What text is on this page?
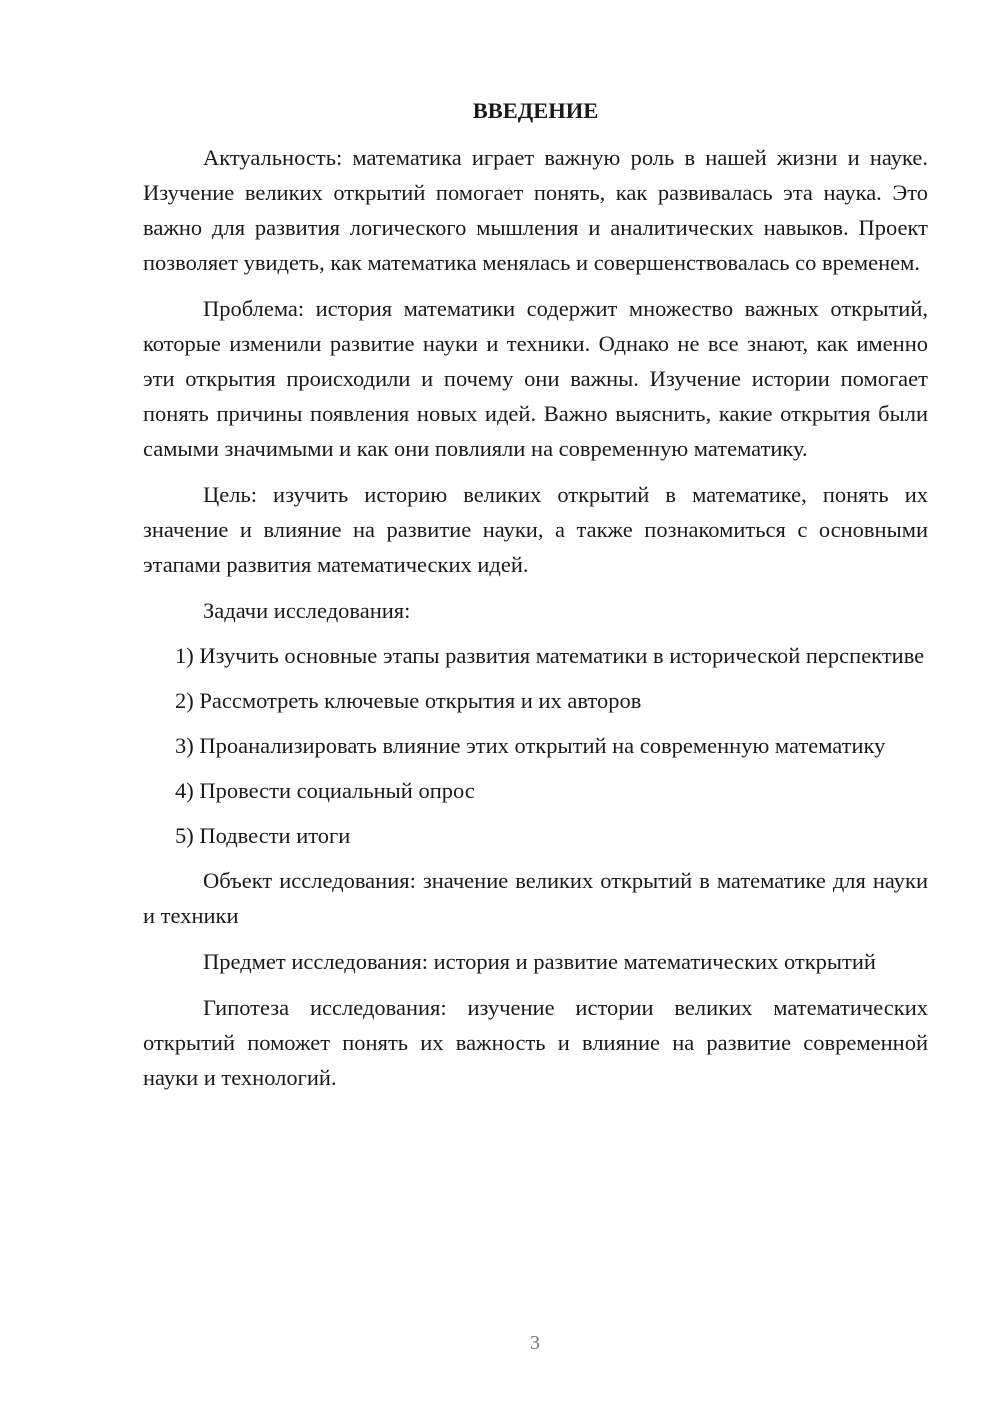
ВВЕДЕНИЕ

Актуальность: математика играет важную роль в нашей жизни и науке. Изучение великих открытий помогает понять, как развивалась эта наука. Это важно для развития логического мышления и аналитических навыков. Проект позволяет увидеть, как математика менялась и совершенствовалась со временем.

Проблема: история математики содержит множество важных открытий, которые изменили развитие науки и техники. Однако не все знают, как именно эти открытия происходили и почему они важны. Изучение истории помогает понять причины появления новых идей. Важно выяснить, какие открытия были самыми значимыми и как они повлияли на современную математику.

Цель: изучить историю великих открытий в математике, понять их значение и влияние на развитие науки, а также познакомиться с основными этапами развития математических идей.

Задачи исследования:

1) Изучить основные этапы развития математики в исторической перспективе

2) Рассмотреть ключевые открытия и их авторов

3) Проанализировать влияние этих открытий на современную математику

4) Провести социальный опрос

5) Подвести итоги

Объект исследования: значение великих открытий в математике для науки и техники

Предмет исследования: история и развитие математических открытий

Гипотеза исследования: изучение истории великих математических открытий поможет понять их важность и влияние на развитие современной науки и технологий.

3
